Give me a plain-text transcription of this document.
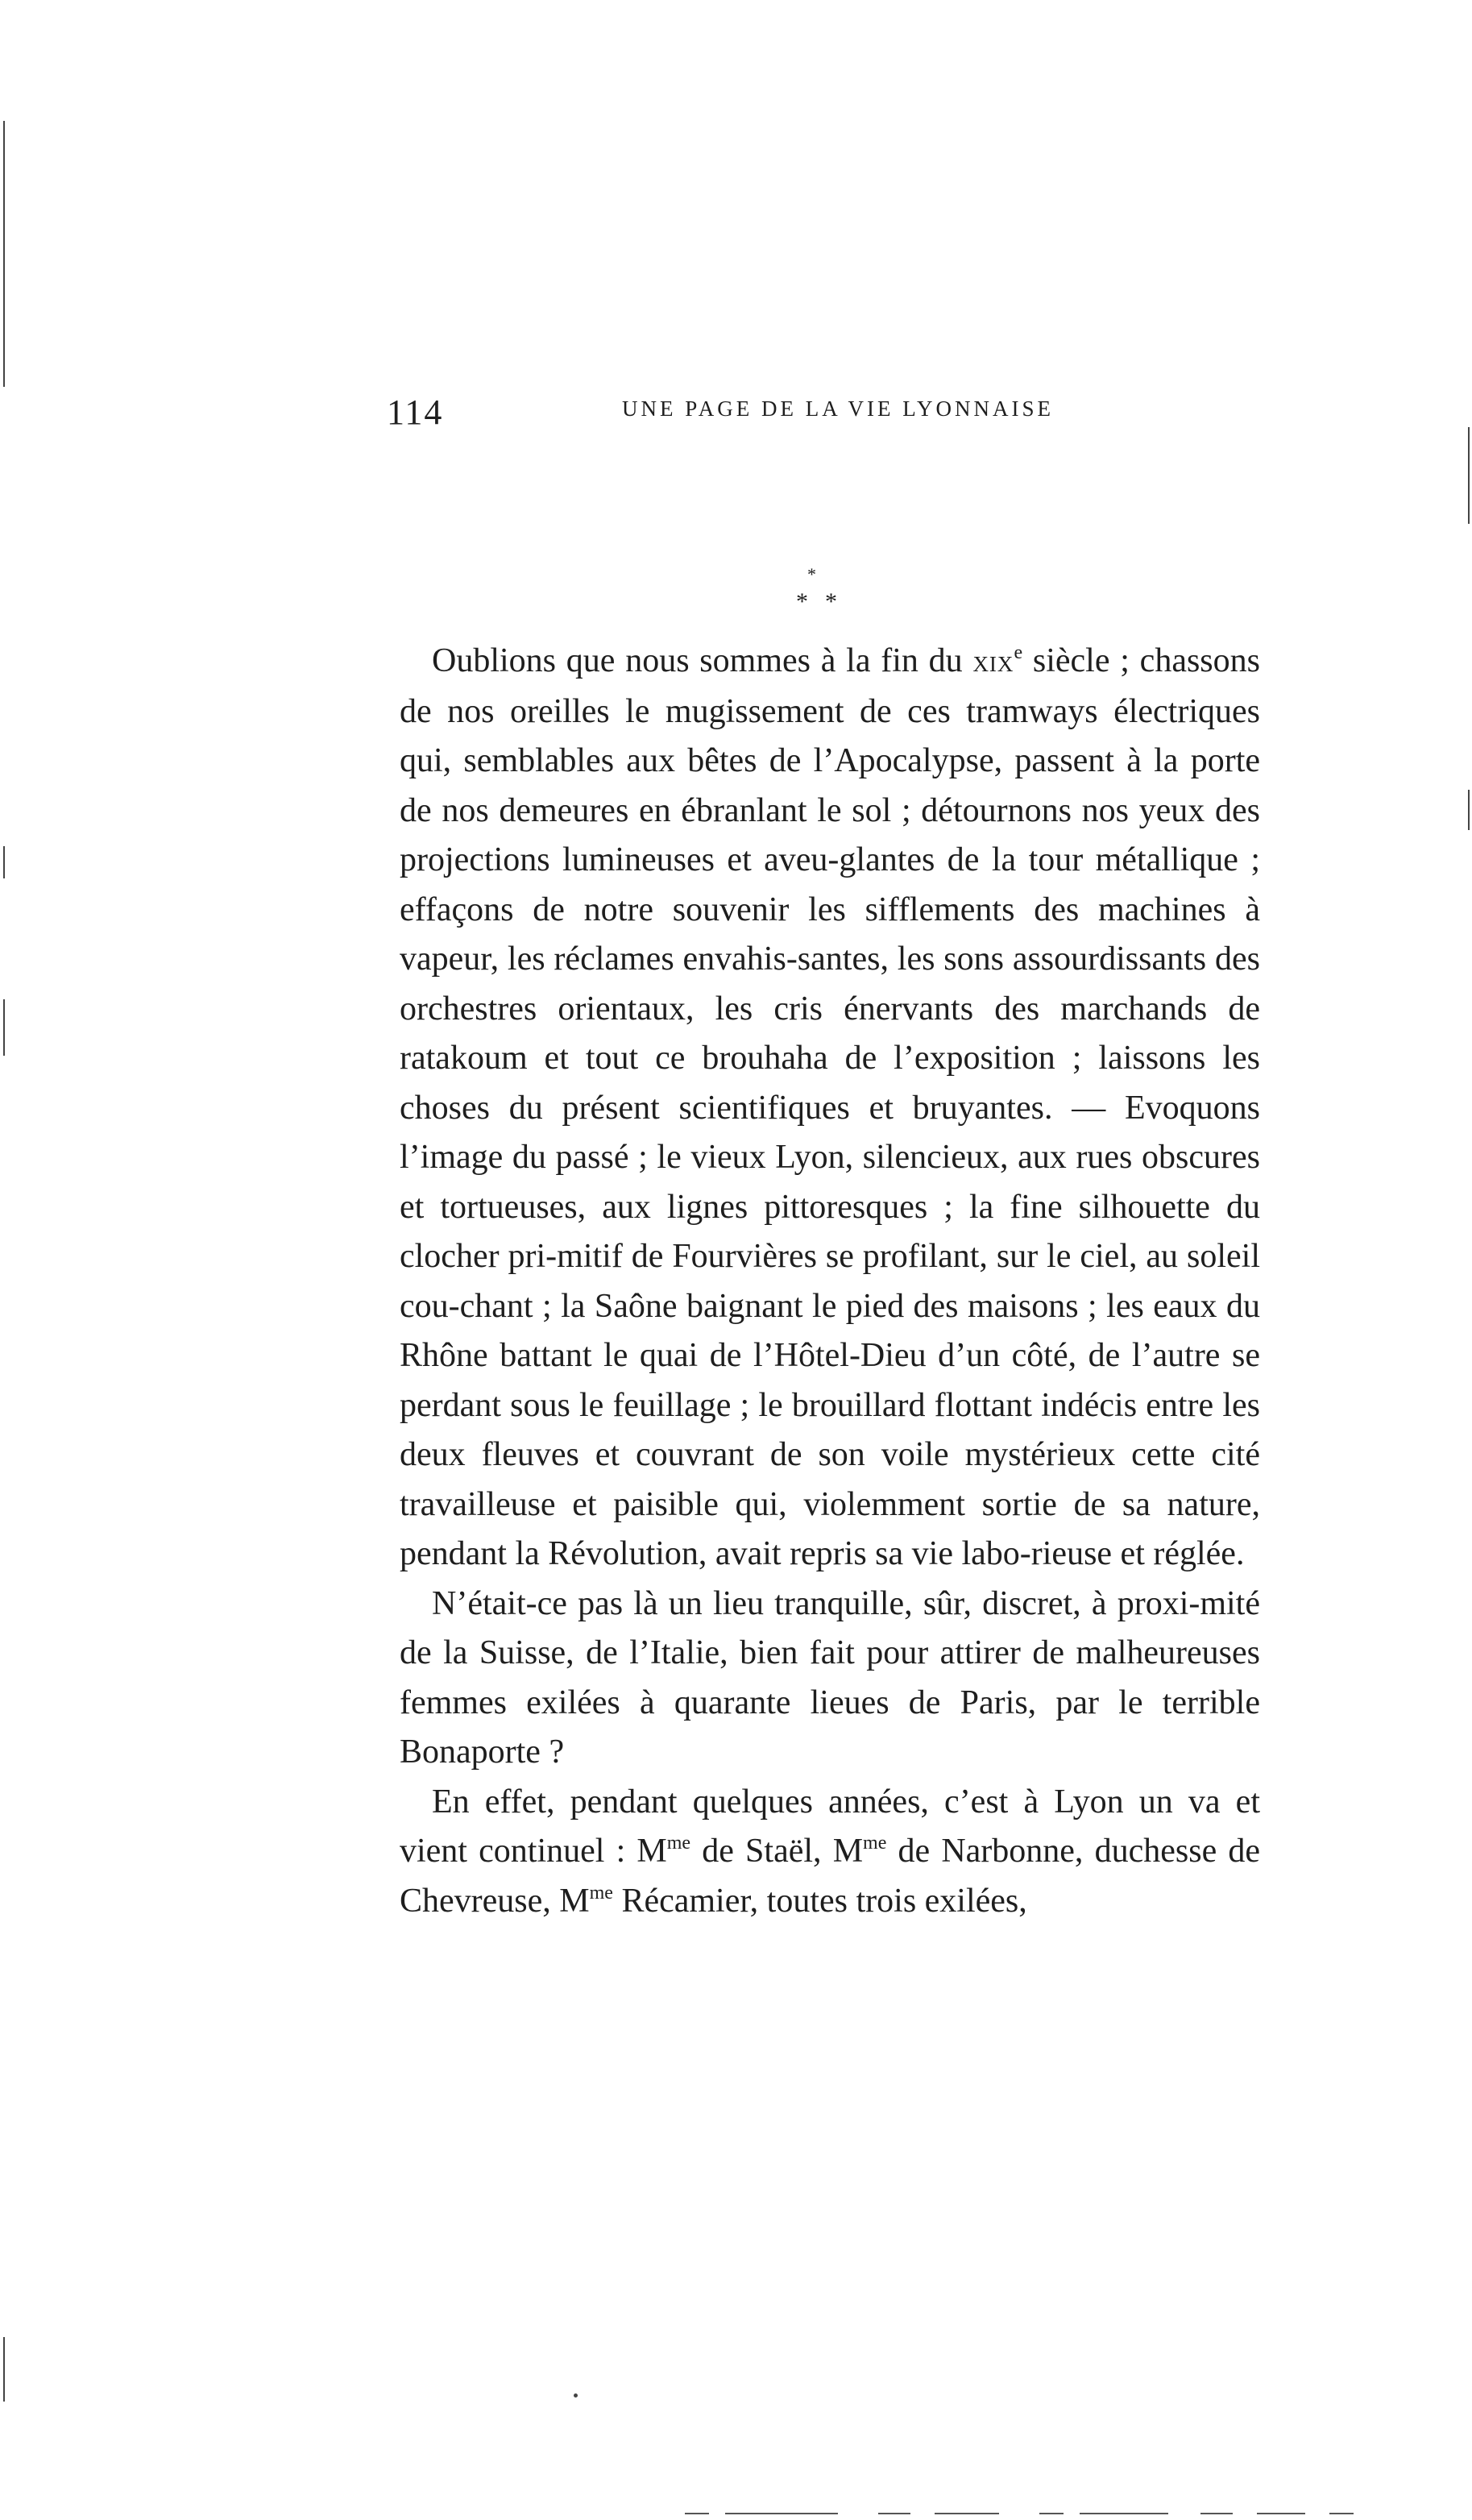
114	UNE PAGE DE LA VIE LYONNAISE
*
* *

Oublions que nous sommes à la fin du xix$^e$ siècle ; chassons de nos oreilles le mugissement de ces tramways électriques qui, semblables aux bêtes de l’Apocalypse, passent à la porte de nos demeures en ébranlant le sol ; détournons nos yeux des projections lumineuses et aveu-glantes de la tour métallique ; effaçons de notre souvenir les sifflements des machines à vapeur, les réclames envahis-santes, les sons assourdissants des orchestres orientaux, les cris énervants des marchands de ratakoum et tout ce brouhaha de l’exposition ; laissons les choses du présent scientifiques et bruyantes. — Evoquons l’image du passé ; le vieux Lyon, silencieux, aux rues obscures et tortueuses, aux lignes pittoresques ; la fine silhouette du clocher pri-mitif de Fourvières se profilant, sur le ciel, au soleil cou-chant ; la Saône baignant le pied des maisons ; les eaux du Rhône battant le quai de l’Hôtel-Dieu d’un côté, de l’autre se perdant sous le feuillage ; le brouillard flottant indécis entre les deux fleuves et couvrant de son voile mystérieux cette cité travailleuse et paisible qui, violemment sortie de sa nature, pendant la Révolution, avait repris sa vie labo-rieuse et réglée.

N’était-ce pas là un lieu tranquille, sûr, discret, à proxi-mité de la Suisse, de l’Italie, bien fait pour attirer de malheureuses femmes exilées à quarante lieues de Paris, par le terrible Bonaporte ?

En effet, pendant quelques années, c’est à Lyon un va et vient continuel : $M^{me}$ de Staël, $M^{me}$ de Narbonne, duchesse de Chevreuse, $M^{me}$ Récamier, toutes trois exilées,
